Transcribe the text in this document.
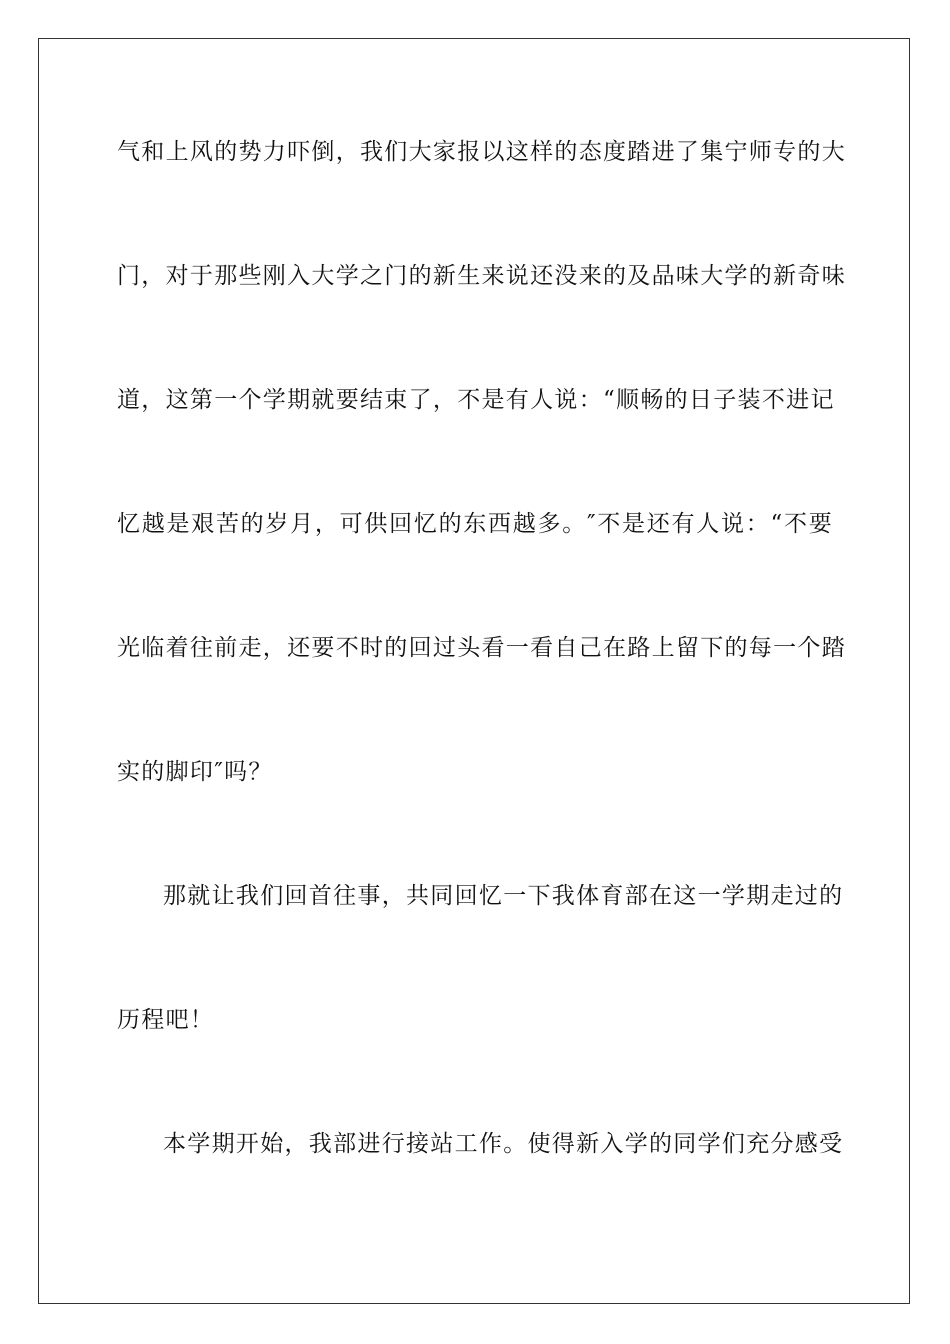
气和上风的势力吓倒，我们大家报以这样的态度踏进了集宁师专的大
门，对于那些刚入大学之门的新生来说还没来的及品味大学的新奇味
道，这第一个学期就要结束了，不是有人说：“顺畅的日子装不进记
忆越是艰苦的岁月，可供回忆的东西越多。″不是还有人说：“不要
光临着往前走，还要不时的回过头看一看自己在路上留下的每一个踏
实的脚印″吗？
那就让我们回首往事，共同回忆一下我体育部在这一学期走过的
历程吧！
本学期开始，我部进行接站工作。使得新入学的同学们充分感受
